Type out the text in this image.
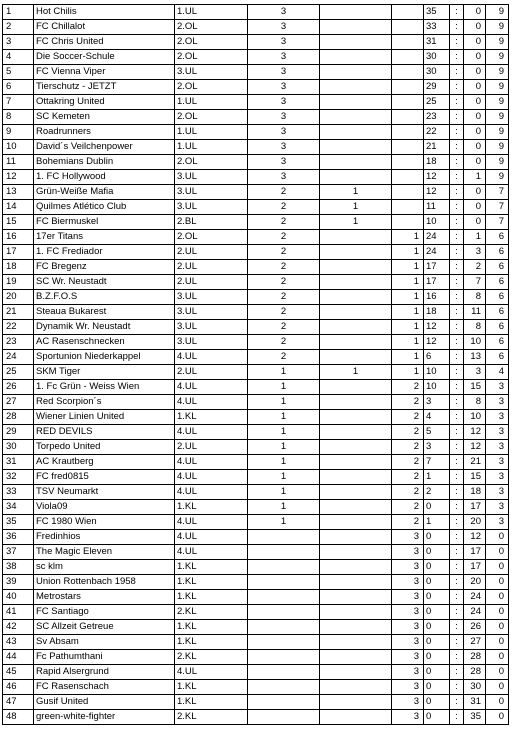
1	Hot Chilis	1.UL	3			35	:	0	9
2	FC Chillalot	2.OL	3			33	:	0	9
3	FC Chris United	2.OL	3			31	:	0	9
4	Die Soccer-Schule	2.OL	3			30	:	0	9
5	FC Vienna Viper	3.UL	3			30	:	0	9
6	Tierschutz - JETZT	2.OL	3			29	:	0	9
7	Ottakring United	1.UL	3			25	:	0	9
8	SC Kemeten	2.OL	3			23	:	0	9
9	Roadrunners	1.UL	3			22	:	0	9
10	David´s Veilchenpower	1.UL	3			21	:	0	9
11	Bohemians Dublin	2.OL	3			18	:	0	9
12	1. FC Hollywood	3.UL	3			12	:	1	9
13	Grün-Weiße Mafia	3.UL	2	1		12	:	0	7
14	Quilmes Atlético Club	3.UL	2	1		11	:	0	7
15	FC Biermuskel	2.BL	2	1		10	:	0	7
16	17er Titans	2.OL	2		1	24	:	1	6
17	1. FC Frediador	2.UL	2		1	24	:	3	6
18	FC Bregenz	2.UL	2		1	17	:	2	6
19	SC Wr. Neustadt	2.UL	2		1	17	:	7	6
20	B.Z.F.O.S	3.UL	2		1	16	:	8	6
21	Steaua Bukarest	3.UL	2		1	18	:	11	6
22	Dynamik Wr. Neustadt	3.UL	2		1	12	:	8	6
23	AC Rasenschnecken	3.UL	2		1	12	:	10	6
24	Sportunion Niederkappel	4.UL	2		1	6	:	13	6
25	SKM Tiger	2.UL	1	1	1	10	:	3	4
26	1. Fc Grün - Weiss Wien	4.UL	1		2	10	:	15	3
27	Red Scorpion´s	4.UL	1		2	3	:	8	3
28	Wiener Linien United	1.KL	1		2	4	:	10	3
29	RED DEVILS	4.UL	1		2	5	:	12	3
30	Torpedo United	2.UL	1		2	3	:	12	3
31	AC Krautberg	4.UL	1		2	7	:	21	3
32	FC fred0815	4.UL	1		2	1	:	15	3
33	TSV Neumarkt	4.UL	1		2	2	:	18	3
34	Viola09	1.KL	1		2	0	:	17	3
35	FC 1980 Wien	4.UL	1		2	1	:	20	3
36	Fredinhios	4.UL			3	0	:	12	0
37	The Magic Eleven	4.UL			3	0	:	17	0
38	sc klm	1.KL			3	0	:	17	0
39	Union Rottenbach 1958	1.KL			3	0	:	20	0
40	Metrostars	1.KL			3	0	:	24	0
41	FC Santiago	2.KL			3	0	:	24	0
42	SC Allzeit Getreue	1.KL			3	0	:	26	0
43	Sv Absam	1.KL			3	0	:	27	0
44	Fc Pathumthani	2.KL			3	0	:	28	0
45	Rapid Alsergrund	4.UL			3	0	:	28	0
46	FC Rasenschach	1.KL			3	0	:	30	0
47	Gusif United	1.KL			3	0	:	31	0
48	green-white-fighter	2.KL			3	0	:	35	0
